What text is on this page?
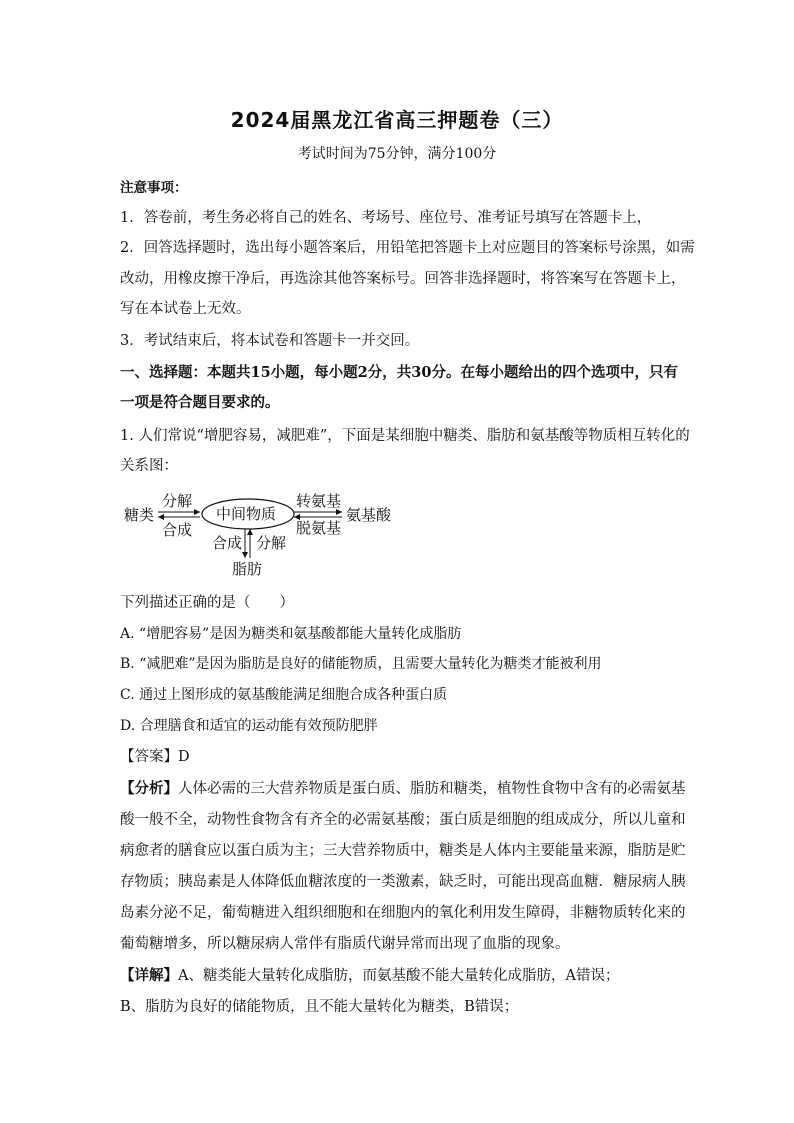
2024届黑龙江省高三押题卷（三）
考试时间为75分钟，满分100分
注意事项：
1．答卷前，考生务必将自己的姓名、考场号、座位号、准考证号填写在答题卡上，
2．回答选择题时，选出每小题答案后，用铅笔把答题卡上对应题目的答案标号涂黑，如需
改动，用橡皮擦干净后，再选涂其他答案标号。回答非选择题时，将答案写在答题卡上，
写在本试卷上无效。
3．考试结束后，将本试卷和答题卡一并交回。
一、选择题：本题共15小题，每小题2分，共30分。在每小题给出的四个选项中，只有
一项是符合题目要求的。
1. 人们常说“增肥容易，减肥难”，下面是某细胞中糖类、脂肪和氨基酸等物质相互转化的
关系图：
糖类
分解
合成
中间物质
转氨基
脱氨基
氨基酸
合成 分解
脂肪
下列描述正确的是（　　）
A. “增肥容易”是因为糖类和氨基酸都能大量转化成脂肪
B. “减肥难”是因为脂肪是良好的储能物质，且需要大量转化为糖类才能被利用
C. 通过上图形成的氨基酸能满足细胞合成各种蛋白质
D. 合理膳食和适宜的运动能有效预防肥胖
【答案】D
【分析】人体必需的三大营养物质是蛋白质、脂肪和糖类，植物性食物中含有的必需氨基
酸一般不全，动物性食物含有齐全的必需氨基酸；蛋白质是细胞的组成成分，所以儿童和
病愈者的膳食应以蛋白质为主；三大营养物质中，糖类是人体内主要能量来源，脂肪是贮
存物质；胰岛素是人体降低血糖浓度的一类激素，缺乏时，可能出现高血糖．糖尿病人胰
岛素分泌不足，葡萄糖进入组织细胞和在细胞内的氧化利用发生障碍，非糖物质转化来的
葡萄糖增多，所以糖尿病人常伴有脂质代谢异常而出现了血脂的现象。
【详解】A、糖类能大量转化成脂肪，而氨基酸不能大量转化成脂肪，A错误；
B、脂肪为良好的储能物质，且不能大量转化为糖类，B错误；
